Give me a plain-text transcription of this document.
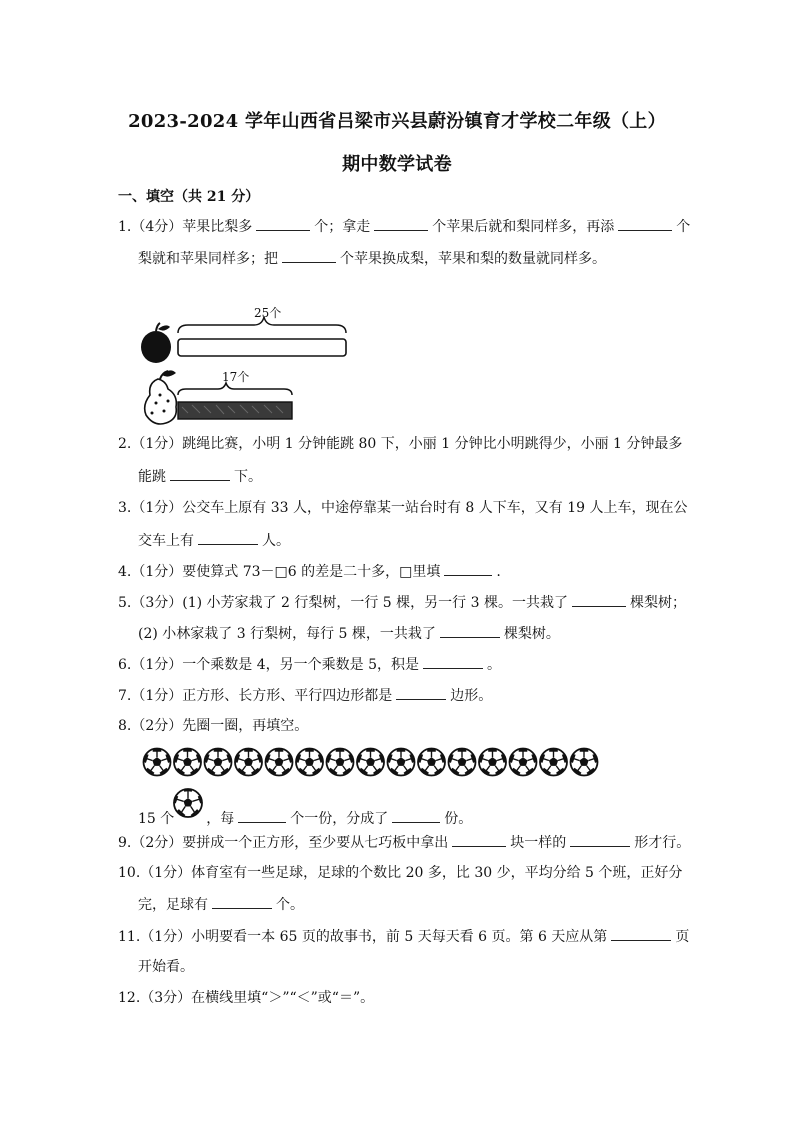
2023-2024 学年山西省吕梁市兴县蔚汾镇育才学校二年级（上）
期中数学试卷
一、填空（共 21 分）
1.（4分）苹果比梨多	个；拿走	个苹果后就和梨同样多，再添	个
梨就和苹果同样多；把	个苹果换成梨，苹果和梨的数量就同样多。
25个
17个
2.（1分）跳绳比赛，小明 1 分钟能跳 80 下，小丽 1 分钟比小明跳得少，小丽 1 分钟最多
能跳	下。
3.（1分）公交车上原有 33 人，中途停靠某一站台时有 8 人下车，又有 19 人上车，现在公
交车上有	人。
4.（1分）要使算式 73－□6 的差是二十多，□里填	.
5.（3分）(1) 小芳家栽了 2 行梨树，一行 5 棵，另一行 3 棵。一共栽了	棵梨树；
(2) 小林家栽了 3 行梨树，每行 5 棵，一共栽了	棵梨树。
6.（1分）一个乘数是 4，另一个乘数是 5，积是	。
7.（1分）正方形、长方形、平行四边形都是	边形。
8.（2分）先圈一圈，再填空。
15 个 ，每	个一份，分成了	份。
9.（2分）要拼成一个正方形，至少要从七巧板中拿出	块一样的	形才行。
10.（1分）体育室有一些足球，足球的个数比 20 多，比 30 少，平均分给 5 个班，正好分
完，足球有	个。
11.（1分）小明要看一本 65 页的故事书，前 5 天每天看 6 页。第 6 天应从第	页
开始看。
12.（3分）在横线里填“＞”“＜”或“＝”。
